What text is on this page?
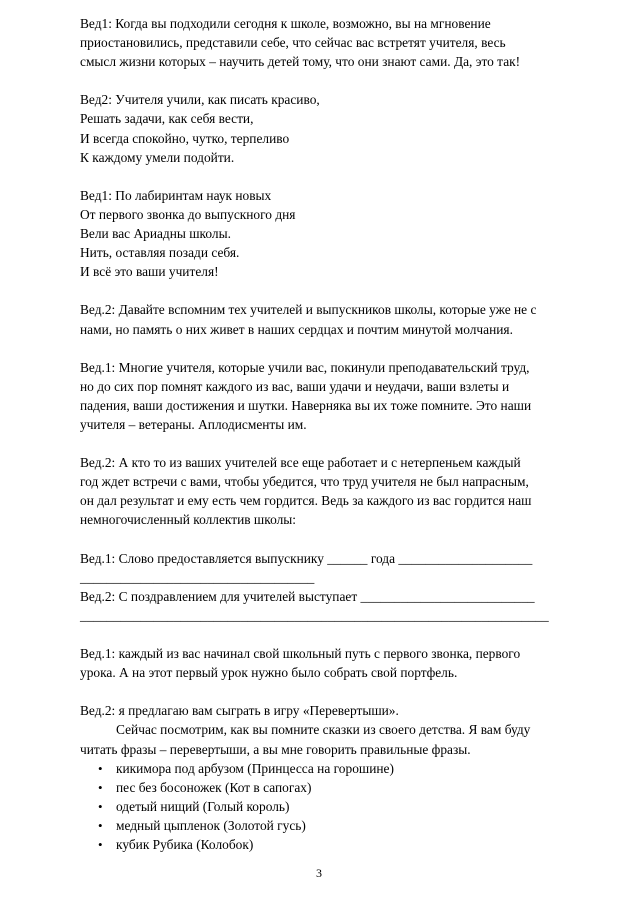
Вед1: Когда вы подходили сегодня к школе, возможно, вы на мгновение
приостановились, представили себе, что сейчас вас встретят учителя, весь
смысл жизни которых – научить детей тому, что они знают сами. Да, это так!
Вед2: Учителя учили, как писать красиво,
Решать задачи, как себя вести,
И всегда спокойно, чутко, терпеливо
К каждому умели подойти.
Вед1: По лабиринтам наук новых
От первого звонка до выпускного дня
Вели вас Ариадны школы.
Нить, оставляя позади себя.
И всё это ваши учителя!
Вед.2: Давайте вспомним тех учителей и выпускников школы, которые уже не с
нами, но память о них живет в наших сердцах и почтим минутой молчания.
Вед.1: Многие учителя, которые учили вас, покинули преподавательский труд,
но до сих пор помнят каждого из вас, ваши удачи и неудачи, ваши взлеты и
падения, ваши достижения и шутки. Наверняка вы их тоже помните. Это наши
учителя – ветераны. Аплодисменты им.
Вед.2: А кто то из ваших учителей все еще работает и с нетерпеньем каждый
год ждет встречи с вами, чтобы убедится, что труд учителя не был напрасным,
он дал результат и ему есть чем гордится. Ведь за каждого из вас гордится наш
немногочисленный коллектив школы:
Вед.1: Слово предоставляется выпускнику ______ года ____________________
___________________________________
Вед.2: С поздравлением для учителей выступает __________________________
______________________________________________________________________
Вед.1: каждый из вас начинал свой школьный путь с первого звонка, первого
урока. А на этот первый урок нужно было собрать свой портфель.
Вед.2: я предлагаю вам сыграть в игру «Перевертыши».
Сейчас посмотрим, как вы помните сказки из своего детства. Я вам буду
читать фразы – перевертыши, а вы мне говорить правильные фразы.
• кикимора под арбузом (Принцесса на горошине)
• пес без босоножек (Кот в сапогах)
• одетый нищий (Голый король)
• медный цыпленок (Золотой гусь)
• кубик Рубика (Колобок)
3
